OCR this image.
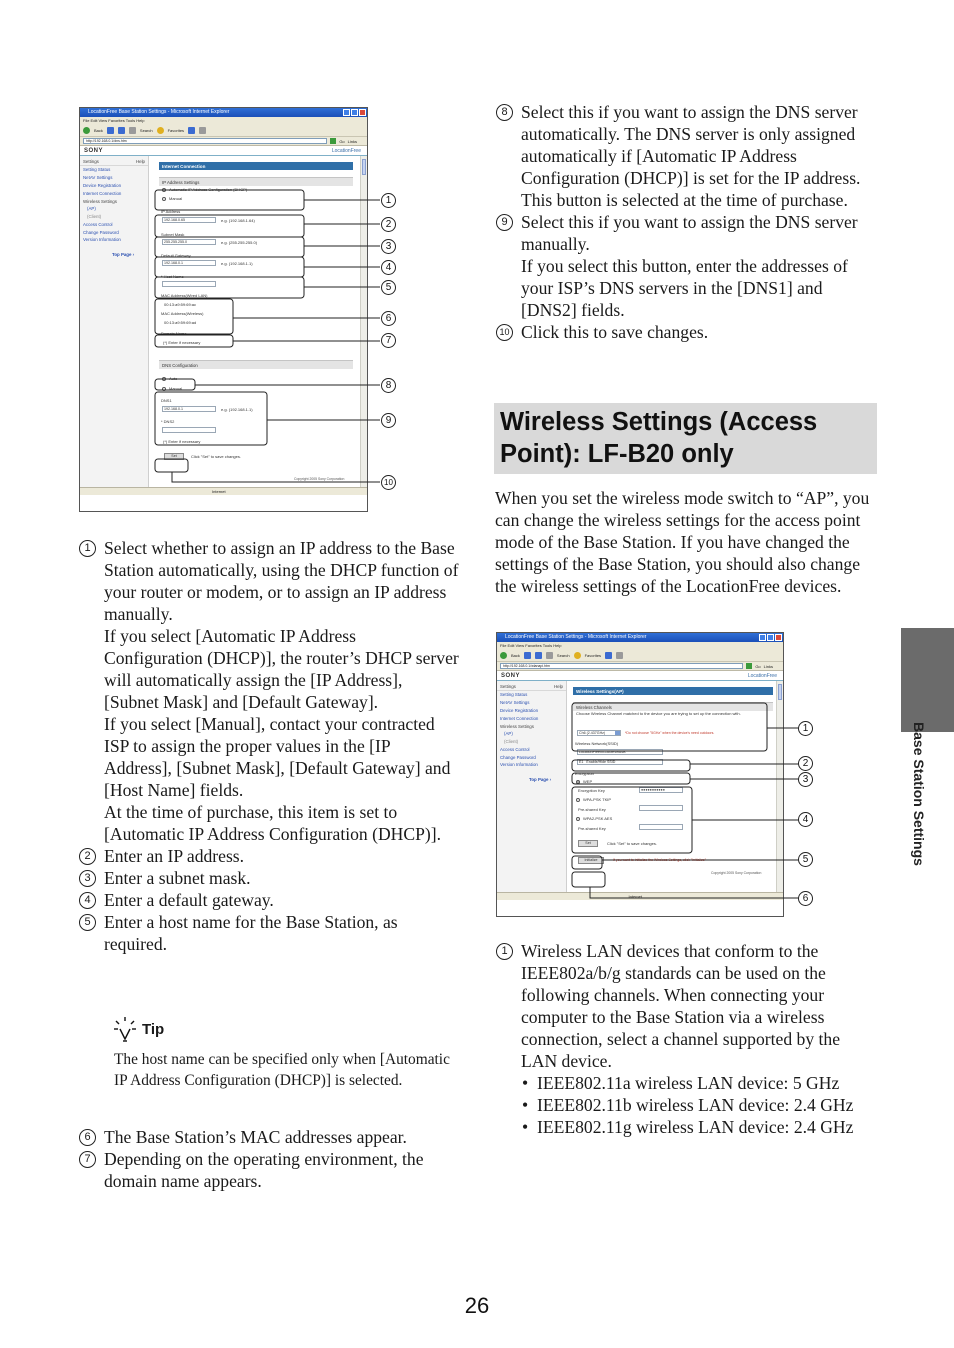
LocationFree Base Station Settings - Microsoft Internet Explorer
File Edit View Favorites Tools Help
Back	Search	Favorites
http://192.168.0.1/dns.htm	Go Links
SONY	LocationFree
Settings	Help
Setting Status
NetAV Settings
Device Registration
Internet Connection
Wireless Settings
(AP)
(Client)
Access Control
Change Password
Version Information
Top Page ›
Internet Connection
IP Address Settings
Automatic IP Address Configuration (DHCP)
Manual
IP Address
192.168.0.65	e.g. (192.168.1.64)
Subnet Mask
255.255.255.0	e.g. (255.255.255.0)
Default Gateway
192.168.0.1	e.g. (192.168.1.1)
* Host Name
MAC Address(Wired LAN)
00:13:a9:59:69:ac
MAC Address(Wireless)
00:13:a9:59:69:ad
Domain Name
(*) Enter if necessary
DNS Configuration
Auto
Manual
DNS1
192.168.0.1	e.g. (192.168.1.1)
* DNS2
(*) Enter if necessary
Set	Click "Set" to save changes.
Copyright 2005 Sony Corporation
Internet
1
2
3
4
5
6
7
8
9
10
1 Select whether to assign an IP address to the Base Station automatically, using the DHCP function of your router or modem, or to assign an IP address manually.

If you select [Automatic IP Address Configuration (DHCP)], the router’s DHCP server will automatically assign the [IP Address], [Subnet Mask] and [Default Gateway].

If you select [Manual], contact your contracted ISP to assign the proper values in the [IP Address], [Subnet Mask], [Default Gateway] and [Host Name] fields.

At the time of purchase, this item is set to [Automatic IP Address Configuration (DHCP)].

2 Enter an IP address.

3 Enter a subnet mask.

4 Enter a default gateway.

5 Enter a host name for the Base Station, as required.

Tip
The host name can be specified only when [Automatic IP Address Configuration (DHCP)] is selected.
6 The Base Station’s MAC addresses appear.

7 Depending on the operating environment, the domain name appears.

8 Select this if you want to assign the DNS server automatically. The DNS server is only assigned automatically if [Automatic IP Address Configuration (DHCP)] is set for the IP address.

This button is selected at the time of purchase.

9 Select this if you want to assign the DNS server manually.

If you select this button, enter the addresses of your ISP’s DNS servers in the [DNS1] and [DNS2] fields.

10 Click this to save changes.

Wireless Settings (Access Point): LF-B20 only
When you set the wireless mode switch to “AP”, you can change the wireless settings for the access point mode of the Base Station. If you have changed the settings of the Base Station, you should also change the wireless settings of the LocationFree devices.
LocationFree Base Station Settings - Microsoft Internet Explorer
File Edit View Favorites Tools Help
Back	Search	Favorites
http://192.168.0.1/wlanapi.htm	Go Links
SONY	LocationFree
Settings	Help
Setting Status
NetAV Settings
Device Registration
Internet Connection
Wireless Settings
(AP)
(Client)
Access Control
Change Password
Version Information
Top Page ›
Wireless Settings(AP)
Wireless Channels
Choose Wireless Channel matched to the device you are trying to set up the connection with.
Ch6 (2.437GHz)	*Do not choose "5GHz" when the device's need outdoors.
Wireless Network(SSID)
LocationFree0013A9E69A4B
E1 Enable/Hide SSID
Encryption
WEP
Encryption Key	●●●●●●●●●●●
WPA-PSK TKIP
Pre-shared Key
WPA2-PSK AES
Pre-shared Key
Set	Click "Set" to save changes.
Initialize	If you want to initialize the Wireless Settings, click "Initialize"
Copyright 2005 Sony Corporation
Internet
1
2
3
4
5
6
1 Wireless LAN devices that conform to the IEEE802a/b/g standards can be used on the following channels. When connecting your computer to the Base Station via a wireless connection, select a channel supported by the LAN device.

• IEEE802.11a wireless LAN device: 5 GHz
• IEEE802.11b wireless LAN device: 2.4 GHz
• IEEE802.11g wireless LAN device: 2.4 GHz
Base Station Settings
26
